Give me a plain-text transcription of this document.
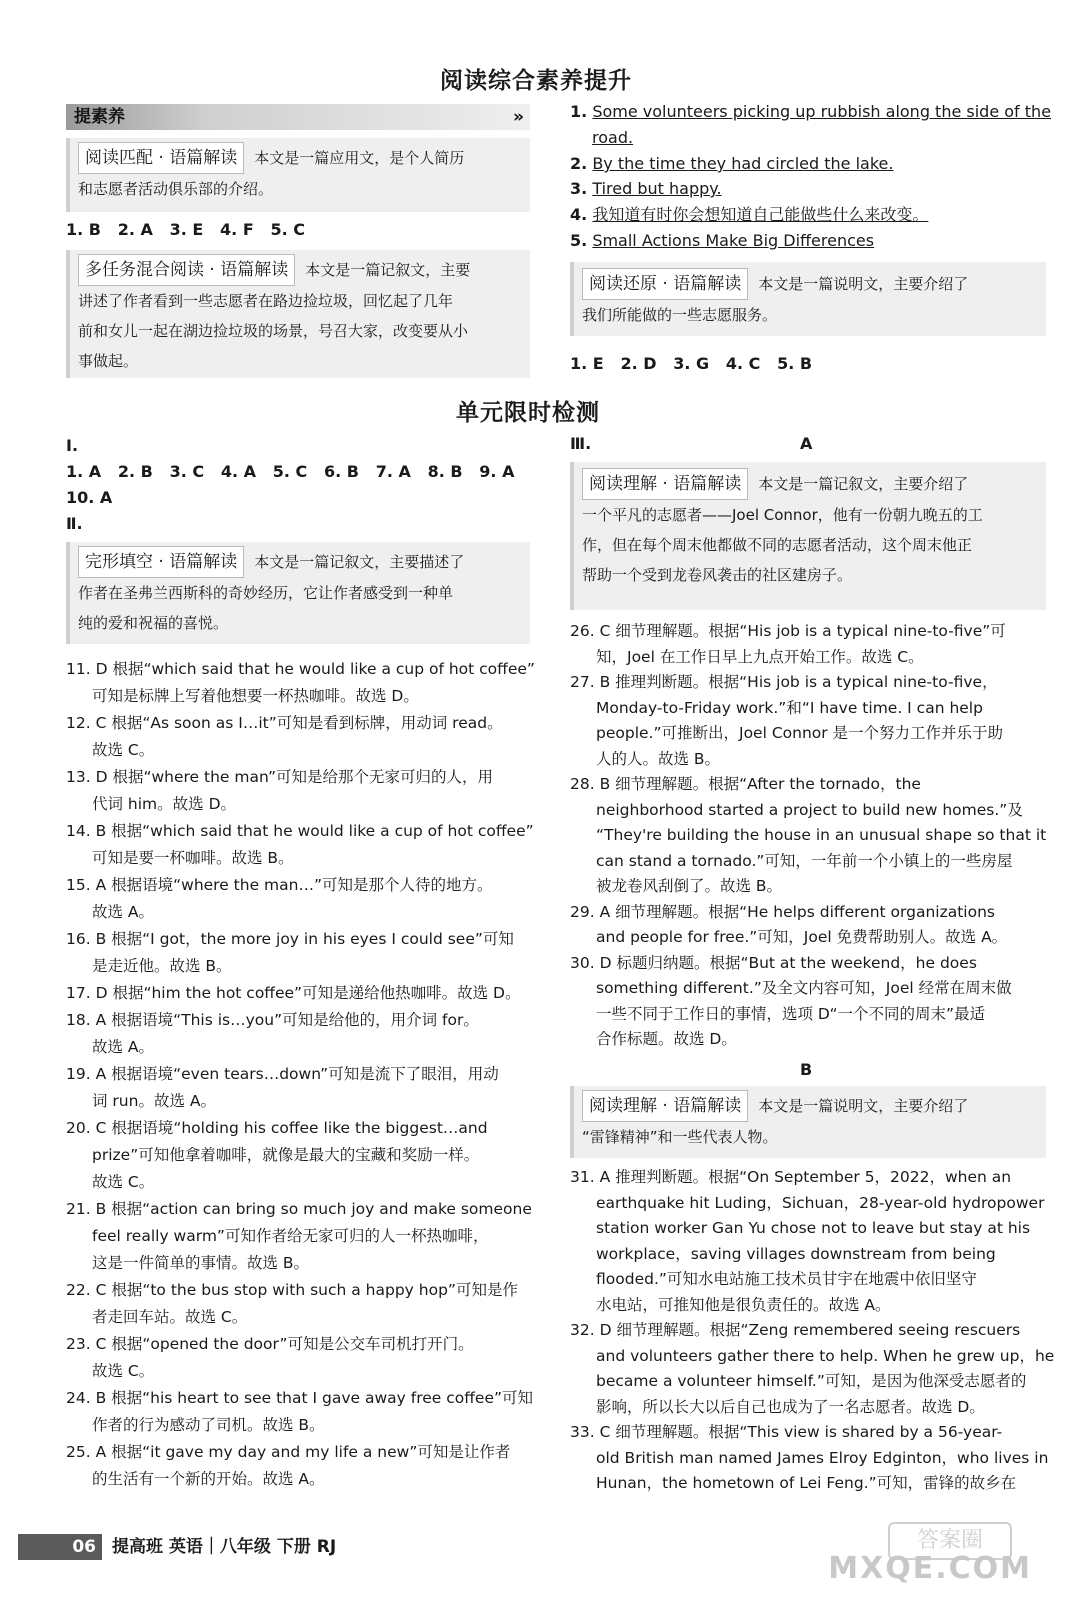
阅读综合素养提升
提素养	»
阅读匹配 · 语篇解读 本文是一篇应用文，是个人简历
和志愿者活动俱乐部的介绍。
1. B 2. A 3. E 4. F 5. C
多任务混合阅读 · 语篇解读 本文是一篇记叙文，主要
讲述了作者看到一些志愿者在路边捡垃圾，回忆起了几年
前和女儿一起在湖边捡垃圾的场景，号召大家，改变要从小
事做起。
1. Some volunteers picking up rubbish along the side of the
road.
2. By the time they had circled the lake.
3. Tired but happy.
4. 我知道有时你会想知道自己能做些什么来改变。
5. Small Actions Make Big Differences
阅读还原 · 语篇解读 本文是一篇说明文，主要介绍了
我们所能做的一些志愿服务。
1. E 2. D 3. G 4. C 5. B
单元限时检测
Ⅰ.
1. A 2. B 3. C 4. A 5. C 6. B 7. A 8. B 9. A
10. A
Ⅱ.
完形填空 · 语篇解读 本文是一篇记叙文，主要描述了
作者在圣弗兰西斯科的奇妙经历，它让作者感受到一种单
纯的爱和祝福的喜悦。
11. D 根据“which said that he would like a cup of hot coffee”
可知是标牌上写着他想要一杯热咖啡。故选 D。
12. C 根据“As soon as I…it”可知是看到标牌，用动词 read。
故选 C。
13. D 根据“where the man”可知是给那个无家可归的人，用
代词 him。故选 D。
14. B 根据“which said that he would like a cup of hot coffee”
可知是要一杯咖啡。故选 B。
15. A 根据语境“where the man…”可知是那个人待的地方。
故选 A。
16. B 根据“I got，the more joy in his eyes I could see”可知
是走近他。故选 B。
17. D 根据“him the hot coffee”可知是递给他热咖啡。故选 D。
18. A 根据语境“This is…you”可知是给他的，用介词 for。
故选 A。
19. A 根据语境“even tears…down”可知是流下了眼泪，用动
词 run。故选 A。
20. C 根据语境“holding his coffee like the biggest…and
prize”可知他拿着咖啡，就像是最大的宝藏和奖励一样。
故选 C。
21. B 根据“action can bring so much joy and make someone
feel really warm”可知作者给无家可归的人一杯热咖啡，
这是一件简单的事情。故选 B。
22. C 根据“to the bus stop with such a happy hop”可知是作
者走回车站。故选 C。
23. C 根据“opened the door”可知是公交车司机打开门。
故选 C。
24. B 根据“his heart to see that I gave away free coffee”可知
作者的行为感动了司机。故选 B。
25. A 根据“it gave my day and my life a new”可知是让作者
的生活有一个新的开始。故选 A。
Ⅲ.	A
阅读理解 · 语篇解读 本文是一篇记叙文，主要介绍了
一个平凡的志愿者——Joel Connor，他有一份朝九晚五的工
作，但在每个周末他都做不同的志愿者活动，这个周末他正
帮助一个受到龙卷风袭击的社区建房子。
26. C 细节理解题。根据“His job is a typical nine-to-five”可
知，Joel 在工作日早上九点开始工作。故选 C。
27. B 推理判断题。根据“His job is a typical nine-to-five，
Monday-to-Friday work.”和“I have time. I can help
people.”可推断出，Joel Connor 是一个努力工作并乐于助
人的人。故选 B。
28. B 细节理解题。根据“After the tornado，the
neighborhood started a project to build new homes.”及
“They're building the house in an unusual shape so that it
can stand a tornado.”可知，一年前一个小镇上的一些房屋
被龙卷风刮倒了。故选 B。
29. A 细节理解题。根据“He helps different organizations
and people for free.”可知，Joel 免费帮助别人。故选 A。
30. D 标题归纳题。根据“But at the weekend，he does
something different.”及全文内容可知，Joel 经常在周末做
一些不同于工作日的事情，选项 D“一个不同的周末”最适
合作标题。故选 D。
B
阅读理解 · 语篇解读 本文是一篇说明文，主要介绍了
“雷锋精神”和一些代表人物。
31. A 推理判断题。根据“On September 5，2022，when an
earthquake hit Luding，Sichuan，28-year-old hydropower
station worker Gan Yu chose not to leave but stay at his
workplace，saving villages downstream from being
flooded.”可知水电站施工技术员甘宇在地震中依旧坚守
水电站，可推知他是很负责任的。故选 A。
32. D 细节理解题。根据“Zeng remembered seeing rescuers
and volunteers gather there to help. When he grew up，he
became a volunteer himself.”可知，是因为他深受志愿者的
影响，所以长大以后自己也成为了一名志愿者。故选 D。
33. C 细节理解题。根据“This view is shared by a 56-year-
old British man named James Elroy Edginton，who lives in
Hunan，the hometown of Lei Feng.”可知，雷锋的故乡在
06 提高班 英语｜八年级 下册 RJ	答案圈
MXQE.COM
